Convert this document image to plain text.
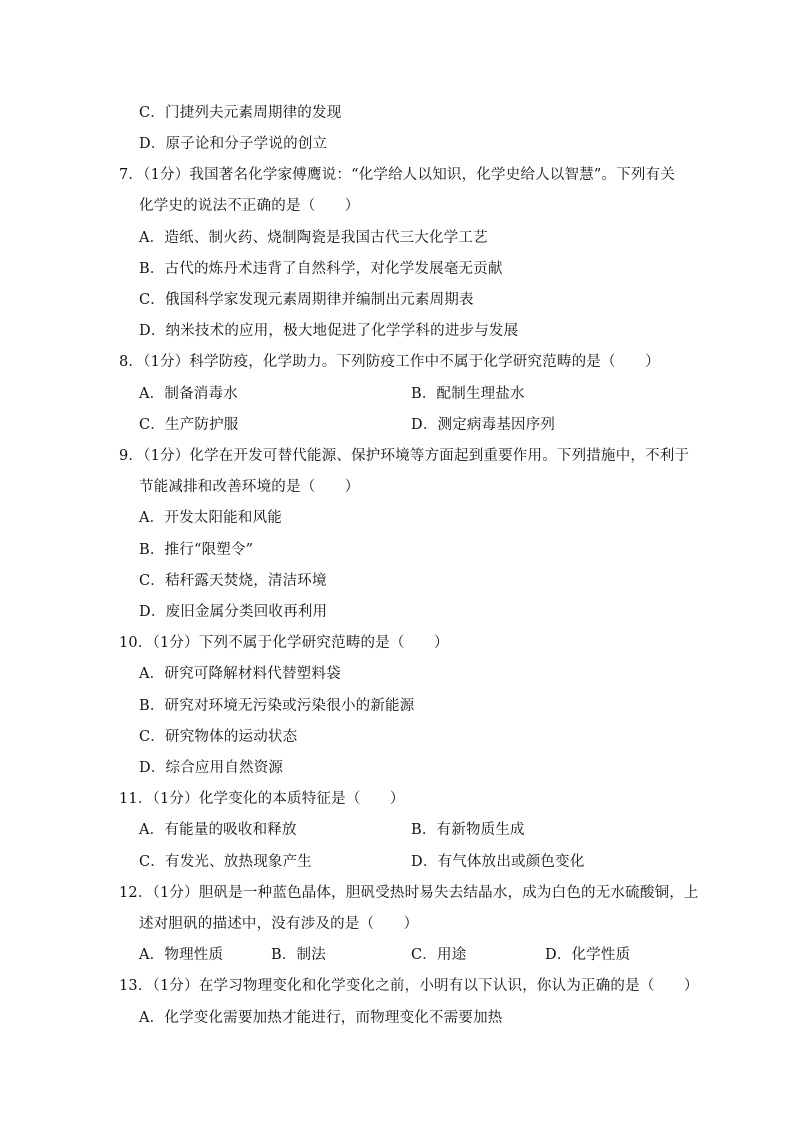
C．门捷列夫元素周期律的发现
D．原子论和分子学说的创立
7．（1分）我国著名化学家傅鹰说：“化学给人以知识，化学史给人以智慧”。下列有关
化学史的说法不正确的是（　　）
A．造纸、制火药、烧制陶瓷是我国古代三大化学工艺
B．古代的炼丹术违背了自然科学，对化学发展毫无贡献
C．俄国科学家发现元素周期律并编制出元素周期表
D．纳米技术的应用，极大地促进了化学学科的进步与发展
8．（1分）科学防疫，化学助力。下列防疫工作中不属于化学研究范畴的是（　　）
A．制备消毒水	B．配制生理盐水
C．生产防护服	D．测定病毒基因序列
9．（1分）化学在开发可替代能源、保护环境等方面起到重要作用。下列措施中，不利于
节能减排和改善环境的是（　　）
A．开发太阳能和风能
B．推行“限塑令”
C．秸秆露天焚烧，清洁环境
D．废旧金属分类回收再利用
10．（1分）下列不属于化学研究范畴的是（　　）
A．研究可降解材料代替塑料袋
B．研究对环境无污染或污染很小的新能源
C．研究物体的运动状态
D．综合应用自然资源
11．（1分）化学变化的本质特征是（　　）
A．有能量的吸收和释放	B．有新物质生成
C．有发光、放热现象产生	D．有气体放出或颜色变化
12．（1分）胆矾是一种蓝色晶体，胆矾受热时易失去结晶水，成为白色的无水硫酸铜，上
述对胆矾的描述中，没有涉及的是（　　）
A．物理性质	B．制法	C．用途	D．化学性质
13．（1分）在学习物理变化和化学变化之前，小明有以下认识，你认为正确的是（　　）
A．化学变化需要加热才能进行，而物理变化不需要加热
